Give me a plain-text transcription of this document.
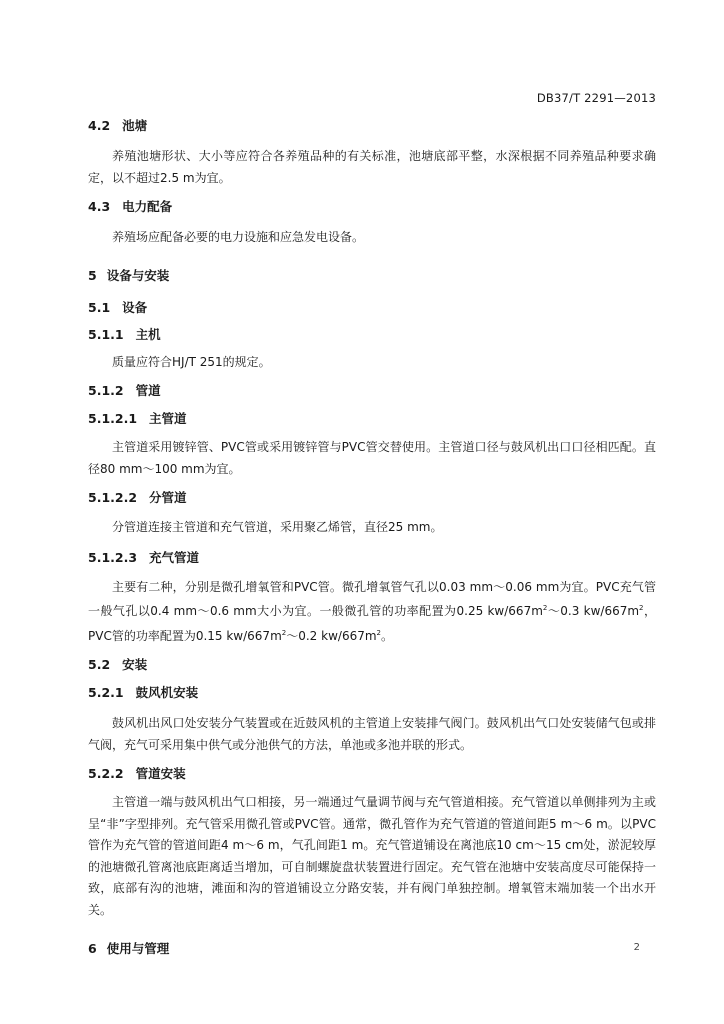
DB37/T 2291—2013
4.2 池塘

养殖池塘形状、大小等应符合各养殖品种的有关标准，池塘底部平整，水深根据不同养殖品种要求确定，以不超过2.5 m为宜。

4.3 电力配备

养殖场应配备必要的电力设施和应急发电设备。

5 设备与安装
5.1 设备
5.1.1 主机

质量应符合HJ/T 251的规定。

5.1.2 管道
5.1.2.1 主管道

主管道采用镀锌管、PVC管或采用镀锌管与PVC管交替使用。主管道口径与鼓风机出口口径相匹配。直径80 mm～100 mm为宜。

5.1.2.2 分管道

分管道连接主管道和充气管道，采用聚乙烯管，直径25 mm。

5.1.2.3 充气管道

主要有二种，分别是微孔增氧管和PVC管。微孔增氧管气孔以0.03 mm～0.06 mm为宜。PVC充气管一般气孔以0.4 mm～0.6 mm大小为宜。一般微孔管的功率配置为0.25 $kw/667m^2\sim 0.3$ $kw/667m^2$，PVC管的功率配置为0.15 $kw/667m^2\sim 0.2$ $kw/667m^2$。

5.2 安装
5.2.1 鼓风机安装

鼓风机出风口处安装分气装置或在近鼓风机的主管道上安装排气阀门。鼓风机出气口处安装储气包或排气阀，充气可采用集中供气或分池供气的方法，单池或多池并联的形式。

5.2.2 管道安装

主管道一端与鼓风机出气口相接，另一端通过气量调节阀与充气管道相接。充气管道以单侧排列为主或呈“非”字型排列。充气管采用微孔管或PVC管。通常，微孔管作为充气管道的管道间距5 m～6 m。以PVC管作为充气管的管道间距4 m～6 m，气孔间距1 m。充气管道铺设在离池底10 cm～15 cm处，淤泥较厚的池塘微孔管离池底距离适当增加，可自制螺旋盘状装置进行固定。充气管在池塘中安装高度尽可能保持一致，底部有沟的池塘，滩面和沟的管道铺设立分路安装，并有阀门单独控制。增氧管末端加装一个出水开关。

6 使用与管理	2
